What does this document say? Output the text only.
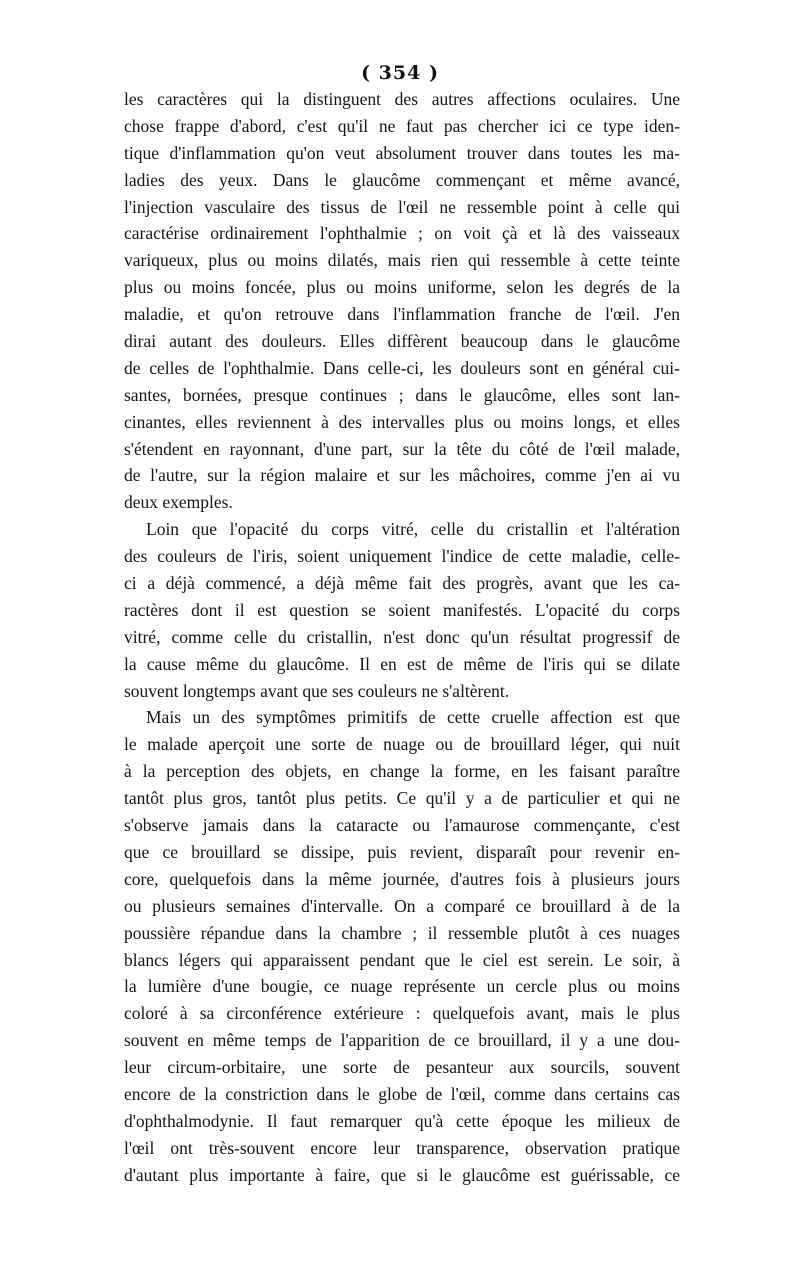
( 354 )
les caractères qui la distinguent des autres affections oculaires. Une
chose frappe d'abord, c'est qu'il ne faut pas chercher ici ce type iden-
tique d'inflammation qu'on veut absolument trouver dans toutes les ma-
ladies des yeux. Dans le glaucôme commençant et même avancé,
l'injection vasculaire des tissus de l'œil ne ressemble point à celle qui
caractérise ordinairement l'ophthalmie ; on voit çà et là des vaisseaux
variqueux, plus ou moins dilatés, mais rien qui ressemble à cette teinte
plus ou moins foncée, plus ou moins uniforme, selon les degrés de la
maladie, et qu'on retrouve dans l'inflammation franche de l'œil. J'en
dirai autant des douleurs. Elles diffèrent beaucoup dans le glaucôme
de celles de l'ophthalmie. Dans celle-ci, les douleurs sont en général cui-
santes, bornées, presque continues ; dans le glaucôme, elles sont lan-
cinantes, elles reviennent à des intervalles plus ou moins longs, et elles
s'étendent en rayonnant, d'une part, sur la tête du côté de l'œil malade,
de l'autre, sur la région malaire et sur les mâchoires, comme j'en ai vu
deux exemples.
Loin que l'opacité du corps vitré, celle du cristallin et l'altération
des couleurs de l'iris, soient uniquement l'indice de cette maladie, celle-
ci a déjà commencé, a déjà même fait des progrès, avant que les ca-
ractères dont il est question se soient manifestés. L'opacité du corps
vitré, comme celle du cristallin, n'est donc qu'un résultat progressif de
la cause même du glaucôme. Il en est de même de l'iris qui se dilate
souvent longtemps avant que ses couleurs ne s'altèrent.
Mais un des symptômes primitifs de cette cruelle affection est que
le malade aperçoit une sorte de nuage ou de brouillard léger, qui nuit
à la perception des objets, en change la forme, en les faisant paraître
tantôt plus gros, tantôt plus petits. Ce qu'il y a de particulier et qui ne
s'observe jamais dans la cataracte ou l'amaurose commençante, c'est
que ce brouillard se dissipe, puis revient, disparaît pour revenir en-
core, quelquefois dans la même journée, d'autres fois à plusieurs jours
ou plusieurs semaines d'intervalle. On a comparé ce brouillard à de la
poussière répandue dans la chambre ; il ressemble plutôt à ces nuages
blancs légers qui apparaissent pendant que le ciel est serein. Le soir, à
la lumière d'une bougie, ce nuage représente un cercle plus ou moins
coloré à sa circonférence extérieure : quelquefois avant, mais le plus
souvent en même temps de l'apparition de ce brouillard, il y a une dou-
leur circum-orbitaire, une sorte de pesanteur aux sourcils, souvent
encore de la constriction dans le globe de l'œil, comme dans certains cas
d'ophthalmodynie. Il faut remarquer qu'à cette époque les milieux de
l'œil ont très-souvent encore leur transparence, observation pratique
d'autant plus importante à faire, que si le glaucôme est guérissable, ce
